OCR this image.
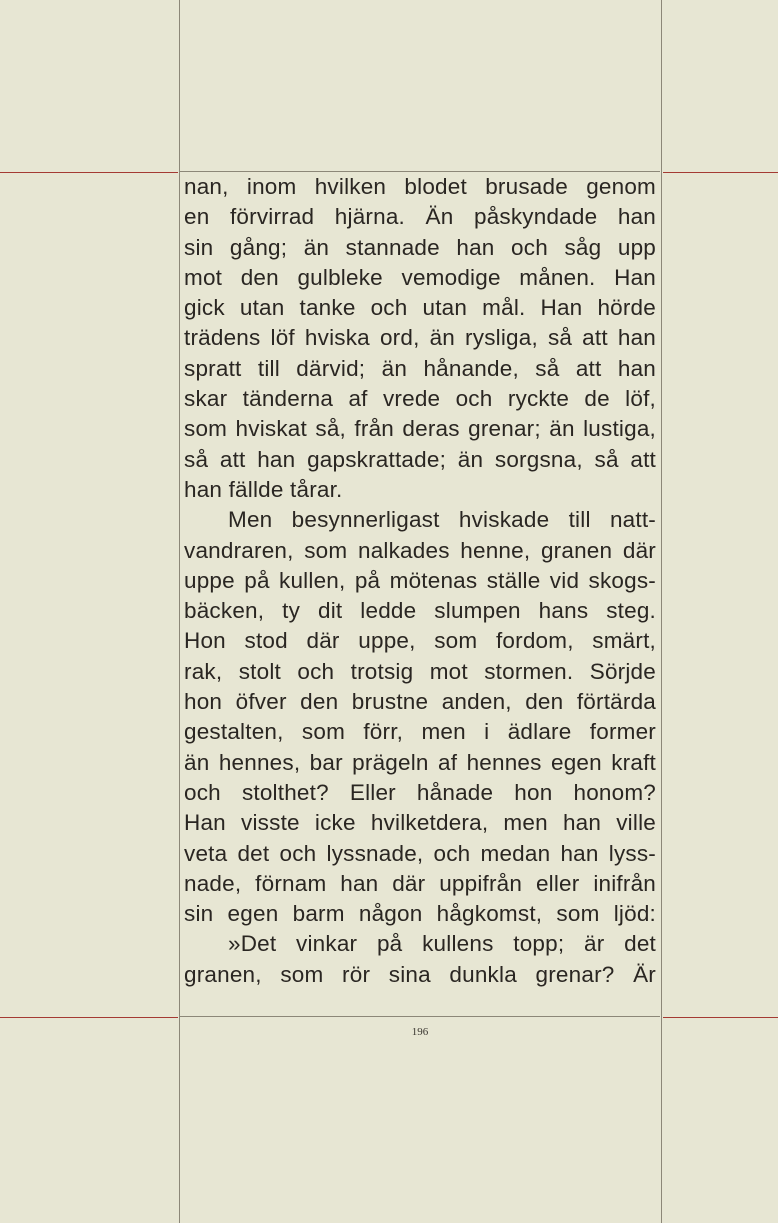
nan, inom hvilken blodet brusade genom
en förvirrad hjärna. Än påskyndade han
sin gång; än stannade han och såg upp
mot den gulbleke vemodige månen. Han
gick utan tanke och utan mål. Han hörde
trädens löf hviska ord, än rysliga, så att han
spratt till därvid; än hånande, så att han
skar tänderna af vrede och ryckte de löf,
som hviskat så, från deras grenar; än lustiga,
så att han gapskrattade; än sorgsna, så att
han fällde tårar.
Men besynnerligast hviskade till natt-
vandraren, som nalkades henne, granen där
uppe på kullen, på mötenas ställe vid skogs-
bäcken, ty dit ledde slumpen hans steg.
Hon stod där uppe, som fordom, smärt,
rak, stolt och trotsig mot stormen. Sörjde
hon öfver den brustne anden, den förtärda
gestalten, som förr, men i ädlare former
än hennes, bar prägeln af hennes egen kraft
och stolthet? Eller hånade hon honom?
Han visste icke hvilketdera, men han ville
veta det och lyssnade, och medan han lyss-
nade, förnam han där uppifrån eller inifrån
sin egen barm någon hågkomst, som ljöd:
»Det vinkar på kullens topp; är det
granen, som rör sina dunkla grenar? Är
196
